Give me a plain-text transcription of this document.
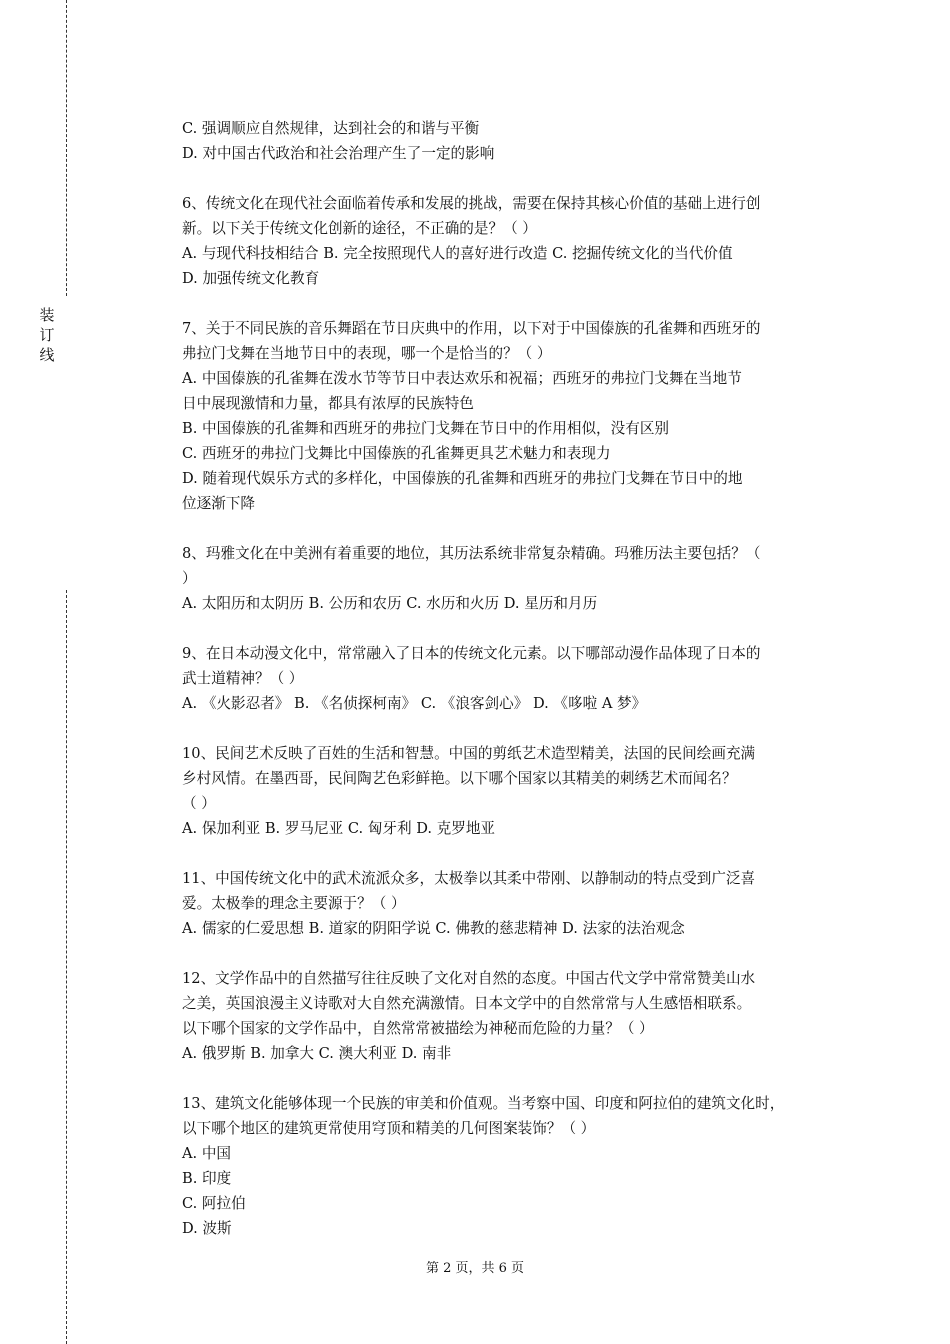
装
订
线
C. 强调顺应自然规律，达到社会的和谐与平衡
D. 对中国古代政治和社会治理产生了一定的影响
6、传统文化在现代社会面临着传承和发展的挑战，需要在保持其核心价值的基础上进行创
新。以下关于传统文化创新的途径，不正确的是？（ ）
A. 与现代科技相结合 B. 完全按照现代人的喜好进行改造 C. 挖掘传统文化的当代价值
D. 加强传统文化教育
7、关于不同民族的音乐舞蹈在节日庆典中的作用，以下对于中国傣族的孔雀舞和西班牙的
弗拉门戈舞在当地节日中的表现，哪一个是恰当的？（ ）
A. 中国傣族的孔雀舞在泼水节等节日中表达欢乐和祝福；西班牙的弗拉门戈舞在当地节
日中展现激情和力量，都具有浓厚的民族特色
B. 中国傣族的孔雀舞和西班牙的弗拉门戈舞在节日中的作用相似，没有区别
C. 西班牙的弗拉门戈舞比中国傣族的孔雀舞更具艺术魅力和表现力
D. 随着现代娱乐方式的多样化，中国傣族的孔雀舞和西班牙的弗拉门戈舞在节日中的地
位逐渐下降
8、玛雅文化在中美洲有着重要的地位，其历法系统非常复杂精确。玛雅历法主要包括？（
）
A. 太阳历和太阴历 B. 公历和农历 C. 水历和火历 D. 星历和月历
9、在日本动漫文化中，常常融入了日本的传统文化元素。以下哪部动漫作品体现了日本的
武士道精神？（ ）
A. 《火影忍者》 B. 《名侦探柯南》 C. 《浪客剑心》 D. 《哆啦 A 梦》
10、民间艺术反映了百姓的生活和智慧。中国的剪纸艺术造型精美，法国的民间绘画充满
乡村风情。在墨西哥，民间陶艺色彩鲜艳。以下哪个国家以其精美的刺绣艺术而闻名？
（ ）
A. 保加利亚 B. 罗马尼亚 C. 匈牙利 D. 克罗地亚
11、中国传统文化中的武术流派众多，太极拳以其柔中带刚、以静制动的特点受到广泛喜
爱。太极拳的理念主要源于？（ ）
A. 儒家的仁爱思想 B. 道家的阴阳学说 C. 佛教的慈悲精神 D. 法家的法治观念
12、文学作品中的自然描写往往反映了文化对自然的态度。中国古代文学中常常赞美山水
之美，英国浪漫主义诗歌对大自然充满激情。日本文学中的自然常常与人生感悟相联系。
以下哪个国家的文学作品中，自然常常被描绘为神秘而危险的力量？（ ）
A. 俄罗斯 B. 加拿大 C. 澳大利亚 D. 南非
13、建筑文化能够体现一个民族的审美和价值观。当考察中国、印度和阿拉伯的建筑文化时，
以下哪个地区的建筑更常使用穹顶和精美的几何图案装饰？（ ）
A. 中国
B. 印度
C. 阿拉伯
D. 波斯
第 2 页，共 6 页
